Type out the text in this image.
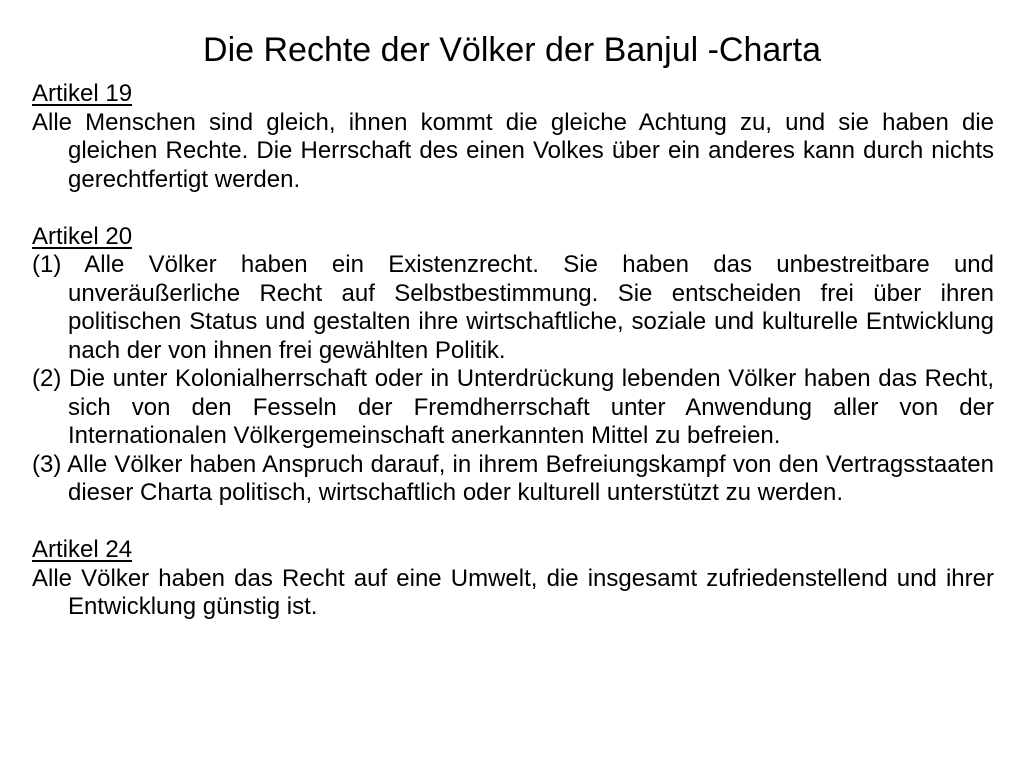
Die Rechte der Völker der Banjul -Charta

Artikel 19

Alle Menschen sind gleich, ihnen kommt die gleiche Achtung zu, und sie haben die gleichen Rechte. Die Herrschaft des einen Volkes über ein anderes kann durch nichts gerechtfertigt werden.

Artikel 20

(1) Alle Völker haben ein Existenzrecht. Sie haben das unbestreitbare und unveräußerliche Recht auf Selbstbestimmung. Sie entscheiden frei über ihren politischen Status und gestalten ihre wirtschaftliche, soziale und kulturelle Entwicklung nach der von ihnen frei gewählten Politik.

(2) Die unter Kolonialherrschaft oder in Unterdrückung lebenden Völker haben das Recht, sich von den Fesseln der Fremdherrschaft unter Anwendung aller von der Internationalen Völkergemeinschaft anerkannten Mittel zu befreien.

(3) Alle Völker haben Anspruch darauf, in ihrem Befreiungskampf von den Vertragsstaaten dieser Charta politisch, wirtschaftlich oder kulturell unterstützt zu werden.

Artikel 24

Alle Völker haben das Recht auf eine Umwelt, die insgesamt zufriedenstellend und ihrer Entwicklung günstig ist.
